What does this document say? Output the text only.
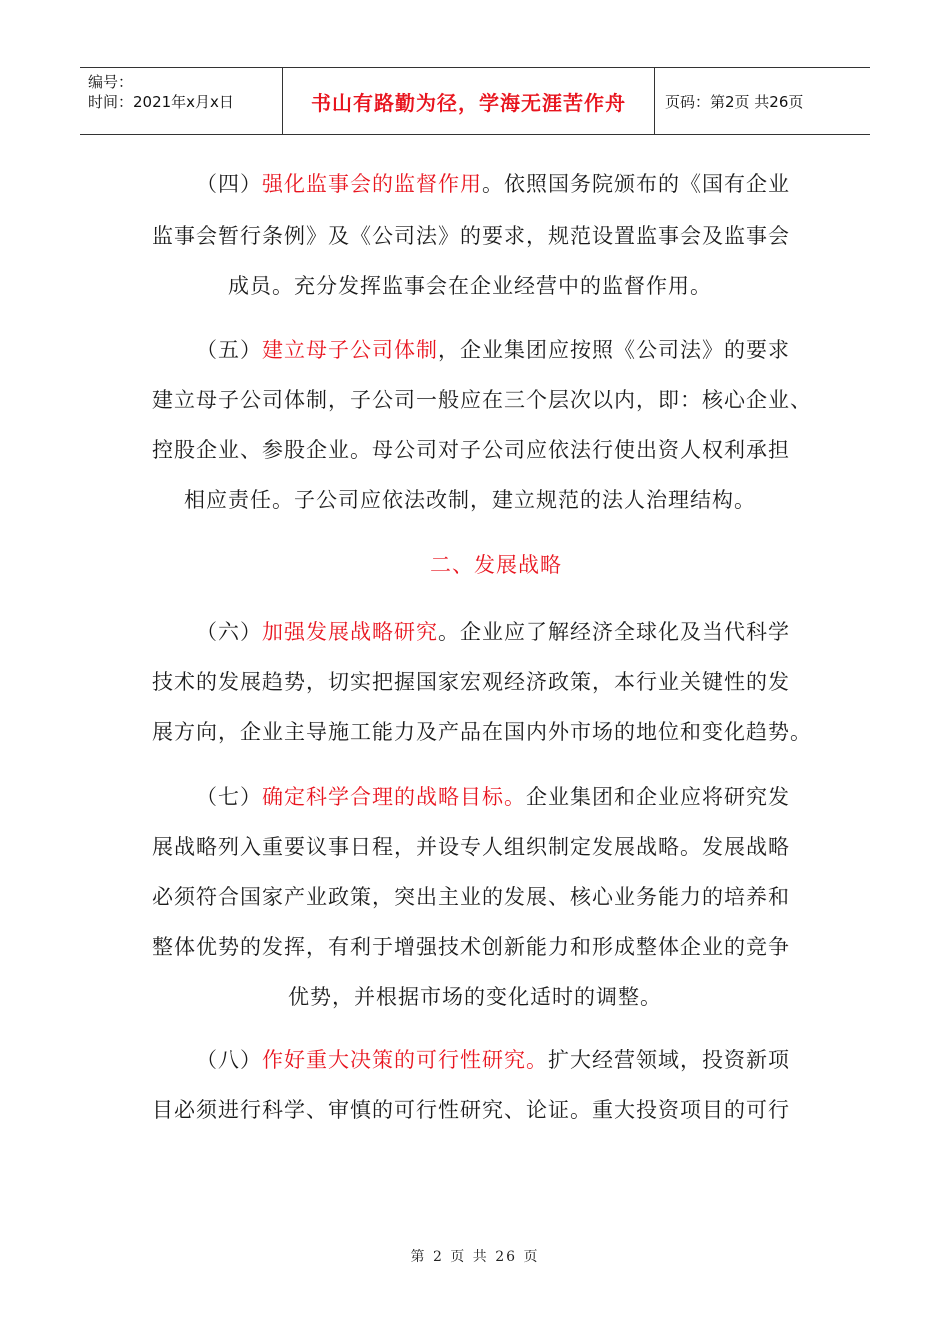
编号：
时间：2021年x月x日	书山有路勤为径，学海无涯苦作舟	页码：第2页 共26页
（四）强化监事会的监督作用。依照国务院颁布的《国有企业
监事会暂行条例》及《公司法》的要求，规范设置监事会及监事会
成员。充分发挥监事会在企业经营中的监督作用。
（五）建立母子公司体制，企业集团应按照《公司法》的要求
建立母子公司体制，子公司一般应在三个层次以内，即：核心企业、
控股企业、参股企业。母公司对子公司应依法行使出资人权利承担
相应责任。子公司应依法改制，建立规范的法人治理结构。
二、发展战略
（六）加强发展战略研究。企业应了解经济全球化及当代科学
技术的发展趋势，切实把握国家宏观经济政策，本行业关键性的发
展方向，企业主导施工能力及产品在国内外市场的地位和变化趋势。
（七）确定科学合理的战略目标。企业集团和企业应将研究发
展战略列入重要议事日程，并设专人组织制定发展战略。发展战略
必须符合国家产业政策，突出主业的发展、核心业务能力的培养和
整体优势的发挥，有利于增强技术创新能力和形成整体企业的竞争
优势，并根据市场的变化适时的调整。
（八）作好重大决策的可行性研究。扩大经营领域，投资新项
目必须进行科学、审慎的可行性研究、论证。重大投资项目的可行
第 2 页 共 26 页
